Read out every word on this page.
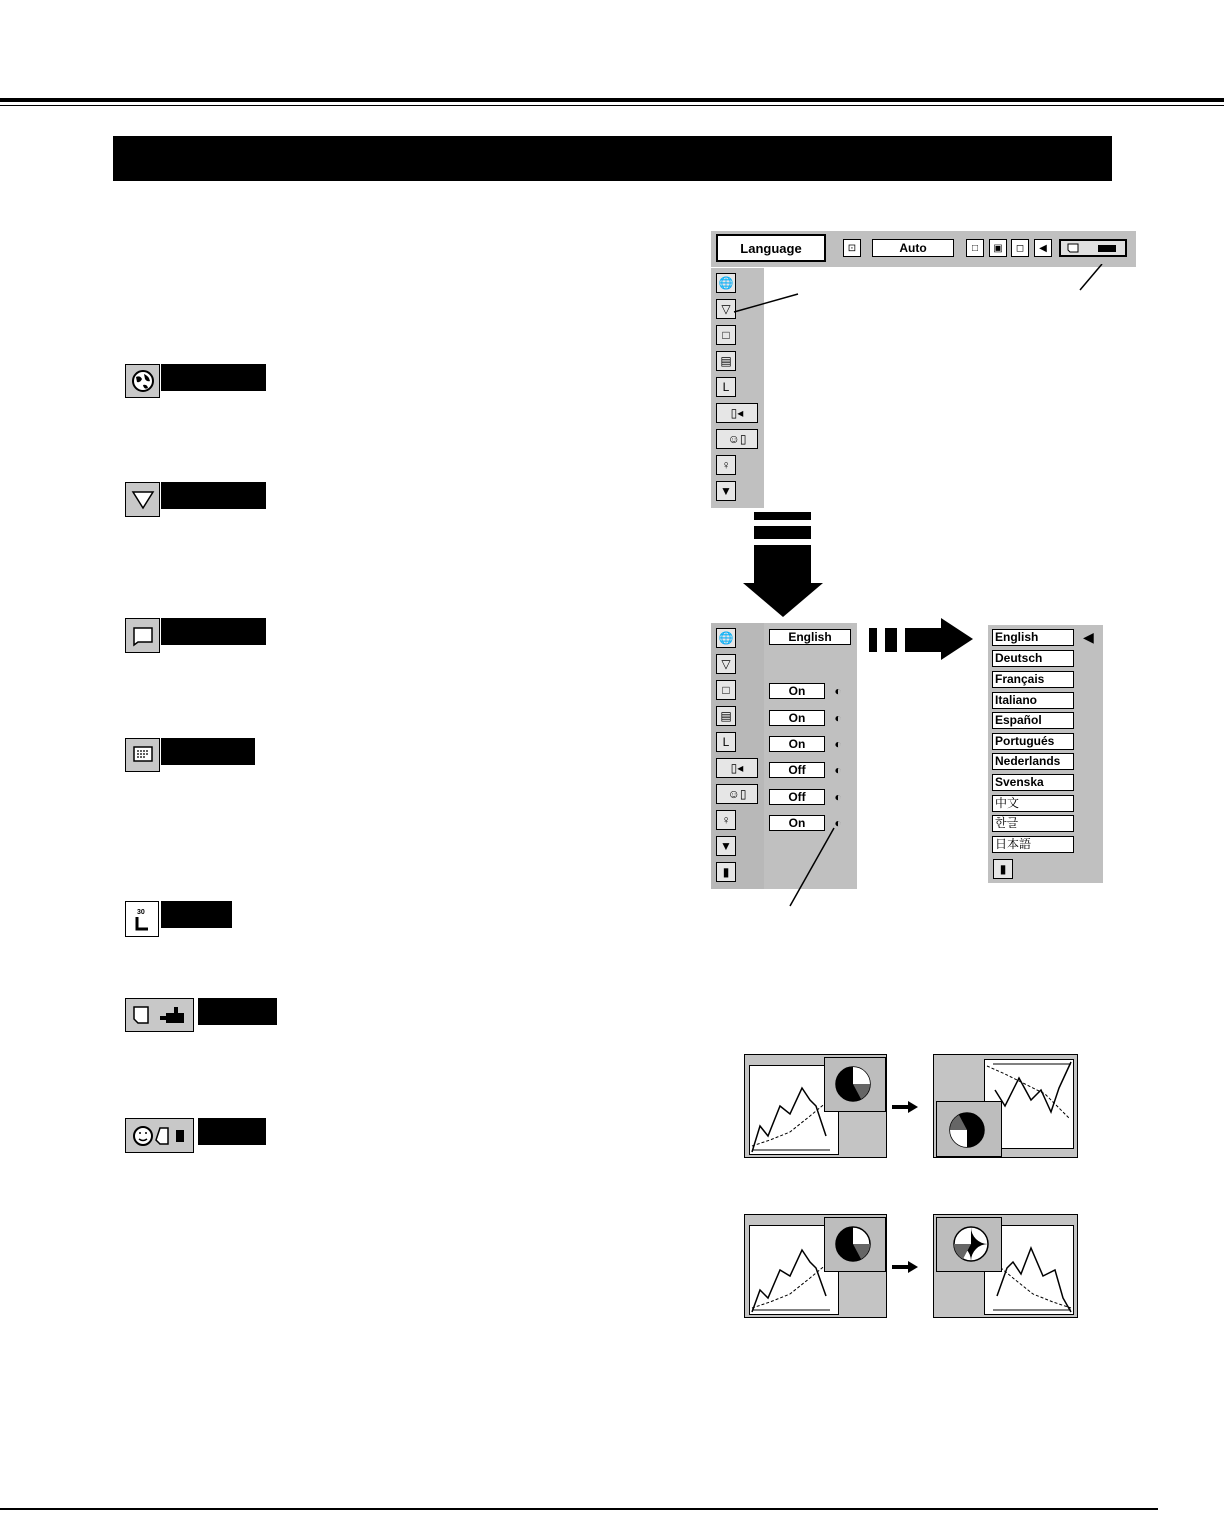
30
Language	⊡	Auto	□	▣	◻	◀
🌐
▽
□
▤
L
▯◂
☺▯
♀
▼
🌐	English
▽
□	On	◐
▤	On	◐
L	On	◐
▯◂	Off	◐
☺▯	Off	◐
♀	On	◐
▼
▮
English	◀
Deutsch
Français
Italiano
Español
Portugués
Nederlands
Svenska
中文
한글
日本語
▮
